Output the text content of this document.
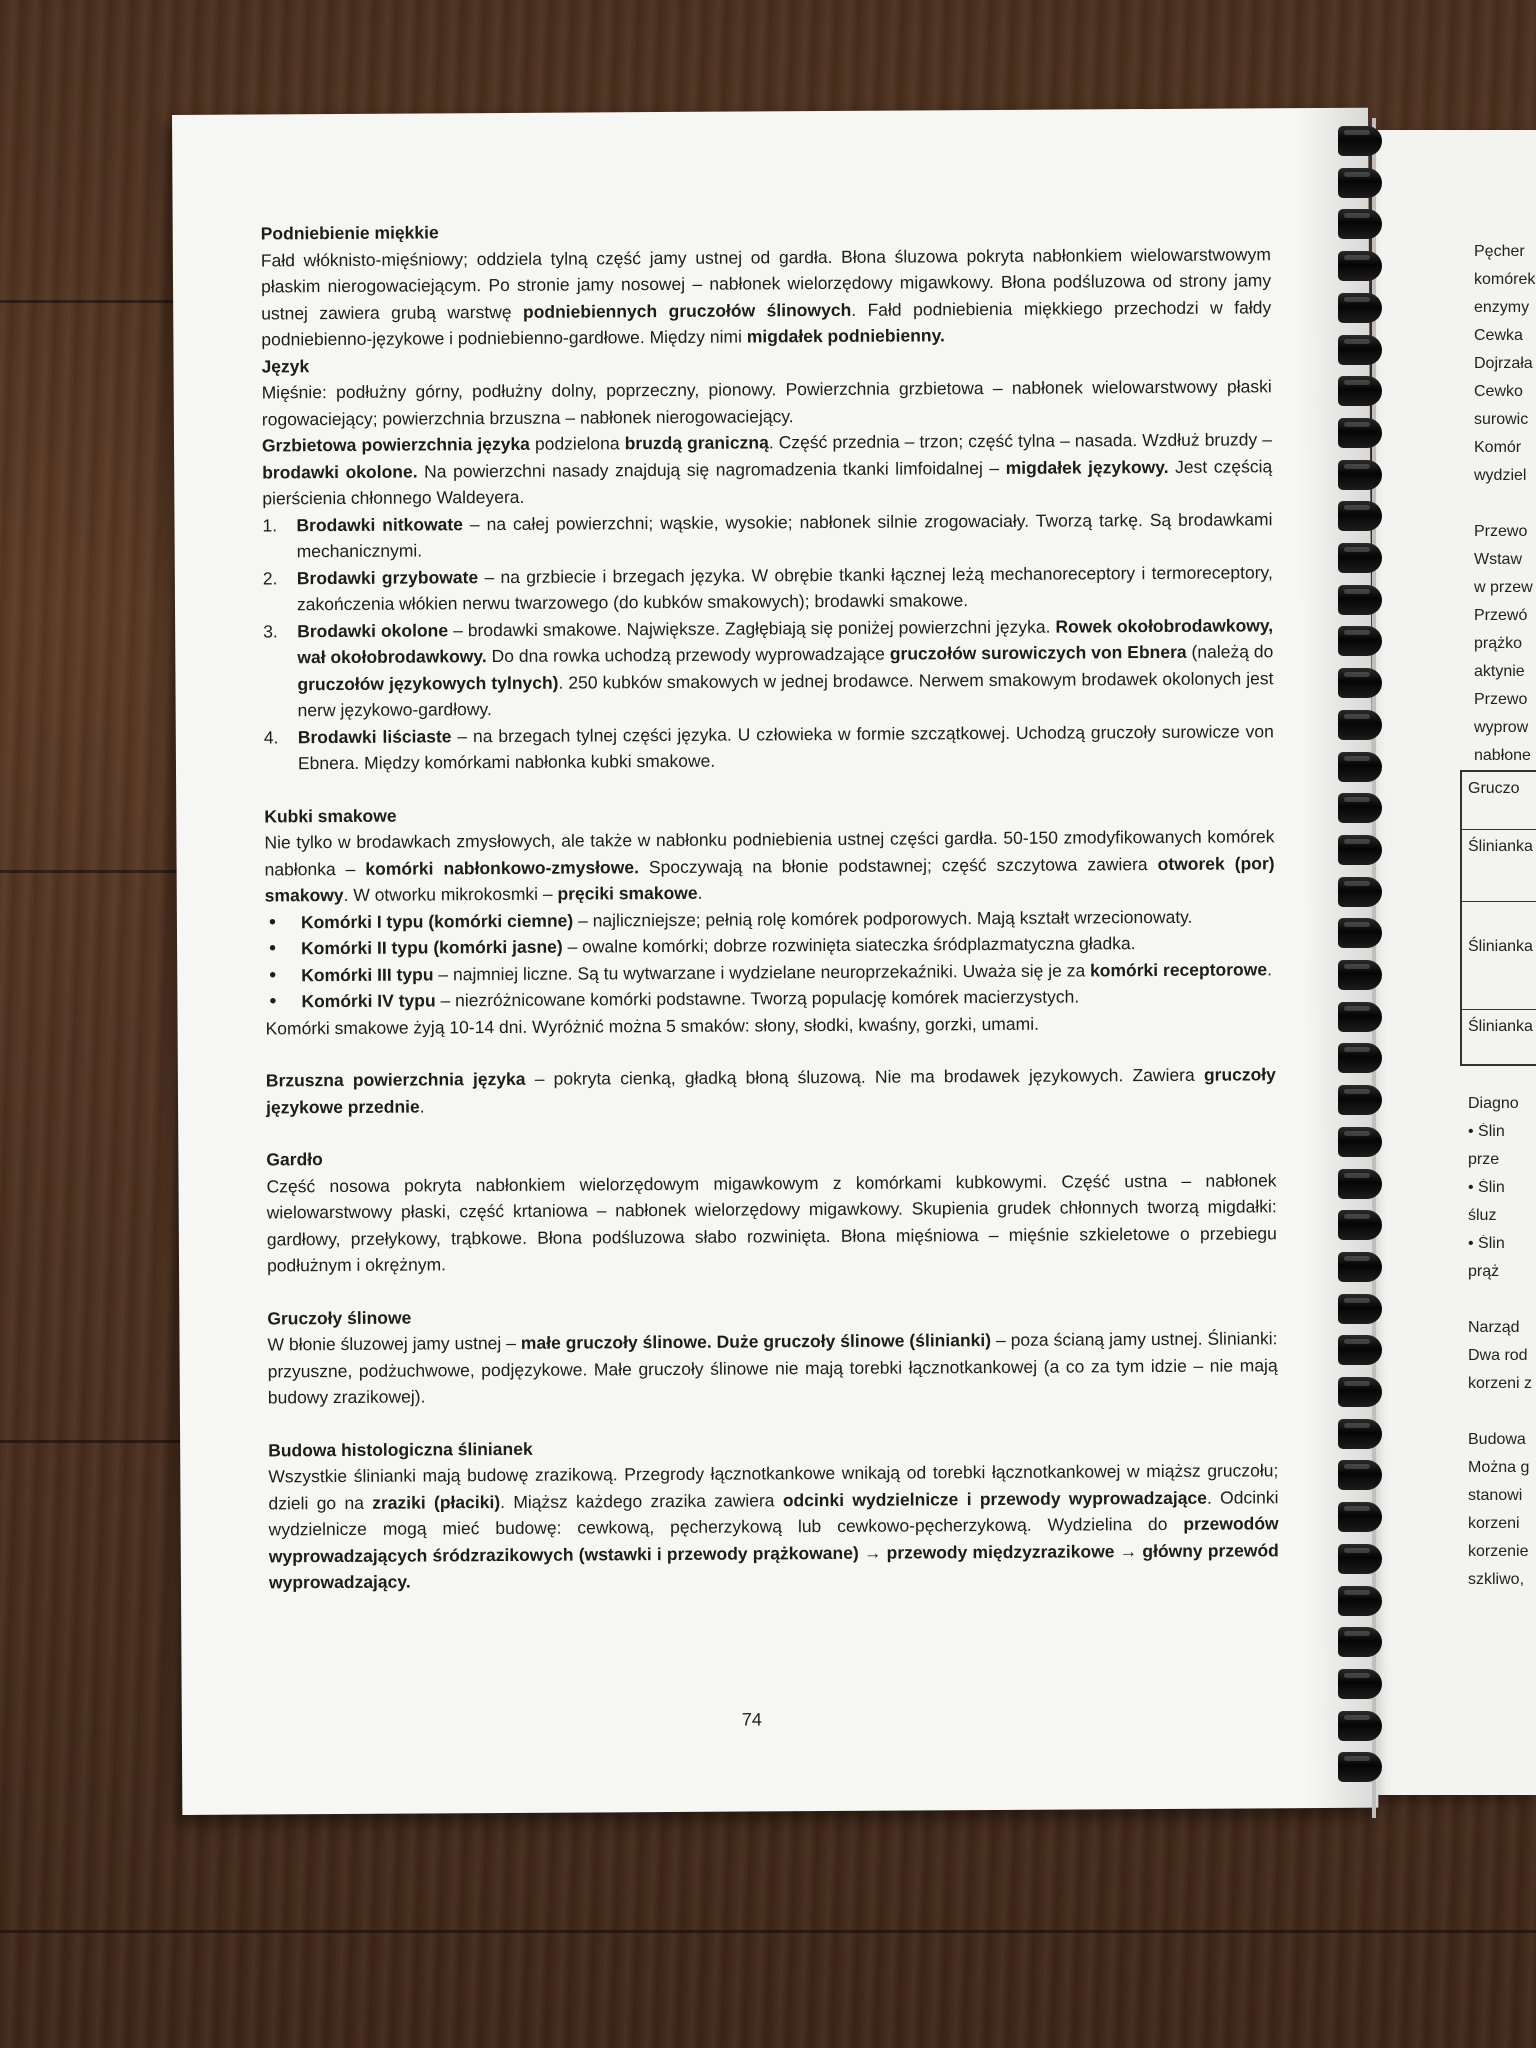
Pęcher
komórek
enzymy
Cewka
Dojrzała
Cewko
surowic
Komór
wydziel
Przewo
Wstaw
w przew
Przewó
prążko
aktynie
Przewo
wyprow
nabłone
Diagno
• Ślin
prze
• Ślin
śluz
• Ślin
prąż
Narząd
Dwa rod
korzeni z
Budowa
Można g
stanowi
korzeni
korzenie
szkliwo,
Gruczo
Ślinianka
Ślinianka
Ślinianka

Podniebienie miękkie

Fałd włóknisto-mięśniowy; oddziela tylną część jamy ustnej od gardła. Błona śluzowa pokryta nabłonkiem wielowarstwowym płaskim nierogowaciejącym. Po stronie jamy nosowej – nabłonek wielorzędowy migawkowy. Błona podśluzowa od strony jamy ustnej zawiera grubą warstwę podniebiennych gruczołów ślinowych. Fałd podniebienia miękkiego przechodzi w fałdy podniebienno-językowe i podniebienno-gardłowe. Między nimi migdałek podniebienny.

Język

Mięśnie: podłużny górny, podłużny dolny, poprzeczny, pionowy. Powierzchnia grzbietowa – nabłonek wielowarstwowy płaski rogowaciejący; powierzchnia brzuszna – nabłonek nierogowaciejący.

Grzbietowa powierzchnia języka podzielona bruzdą graniczną. Część przednia – trzon; część tylna – nasada. Wzdłuż bruzdy – brodawki okolone. Na powierzchni nasady znajdują się nagromadzenia tkanki limfoidalnej – migdałek językowy. Jest częścią pierścienia chłonnego Waldeyera.

1. Brodawki nitkowate – na całej powierzchni; wąskie, wysokie; nabłonek silnie zrogowaciały. Tworzą tarkę. Są brodawkami mechanicznymi.
2. Brodawki grzybowate – na grzbiecie i brzegach języka. W obrębie tkanki łącznej leżą mechanoreceptory i termoreceptory, zakończenia włókien nerwu twarzowego (do kubków smakowych); brodawki smakowe.
3. Brodawki okolone – brodawki smakowe. Największe. Zagłębiają się poniżej powierzchni języka. Rowek okołobrodawkowy, wał okołobrodawkowy. Do dna rowka uchodzą przewody wyprowadzające gruczołów surowiczych von Ebnera (należą do gruczołów językowych tylnych). 250 kubków smakowych w jednej brodawce. Nerwem smakowym brodawek okolonych jest nerw językowo-gardłowy.
4. Brodawki liściaste – na brzegach tylnej części języka. U człowieka w formie szczątkowej. Uchodzą gruczoły surowicze von Ebnera. Między komórkami nabłonka kubki smakowe.

Kubki smakowe

Nie tylko w brodawkach zmysłowych, ale także w nabłonku podniebienia ustnej części gardła. 50-150 zmodyfikowanych komórek nabłonka – komórki nabłonkowo-zmysłowe. Spoczywają na błonie podstawnej; część szczytowa zawiera otworek (por) smakowy. W otworku mikrokosmki – pręciki smakowe.

• Komórki I typu (komórki ciemne) – najliczniejsze; pełnią rolę komórek podporowych. Mają kształt wrzecionowaty.
• Komórki II typu (komórki jasne) – owalne komórki; dobrze rozwinięta siateczka śródplazmatyczna gładka.
• Komórki III typu – najmniej liczne. Są tu wytwarzane i wydzielane neuroprzekaźniki. Uważa się je za komórki receptorowe.
• Komórki IV typu – niezróżnicowane komórki podstawne. Tworzą populację komórek macierzystych.

Komórki smakowe żyją 10-14 dni. Wyróżnić można 5 smaków: słony, słodki, kwaśny, gorzki, umami.

Brzuszna powierzchnia języka – pokryta cienką, gładką błoną śluzową. Nie ma brodawek językowych. Zawiera gruczoły językowe przednie.

Gardło

Część nosowa pokryta nabłonkiem wielorzędowym migawkowym z komórkami kubkowymi. Część ustna – nabłonek wielowarstwowy płaski, część krtaniowa – nabłonek wielorzędowy migawkowy. Skupienia grudek chłonnych tworzą migdałki: gardłowy, przełykowy, trąbkowe. Błona podśluzowa słabo rozwinięta. Błona mięśniowa – mięśnie szkieletowe o przebiegu podłużnym i okrężnym.

Gruczoły ślinowe

W błonie śluzowej jamy ustnej – małe gruczoły ślinowe. Duże gruczoły ślinowe (ślinianki) – poza ścianą jamy ustnej. Ślinianki: przyuszne, podżuchwowe, podjęzykowe. Małe gruczoły ślinowe nie mają torebki łącznotkankowej (a co za tym idzie – nie mają budowy zrazikowej).

Budowa histologiczna ślinianek

Wszystkie ślinianki mają budowę zrazikową. Przegrody łącznotkankowe wnikają od torebki łącznotkankowej w miąższ gruczołu; dzieli go na zraziki (płaciki). Miąższ każdego zrazika zawiera odcinki wydzielnicze i przewody wyprowadzające. Odcinki wydzielnicze mogą mieć budowę: cewkową, pęcherzykową lub cewkowo-pęcherzykową. Wydzielina do przewodów wyprowadzających śródzrazikowych (wstawki i przewody prążkowane) → przewody międzyzrazikowe → główny przewód wyprowadzający.

74
